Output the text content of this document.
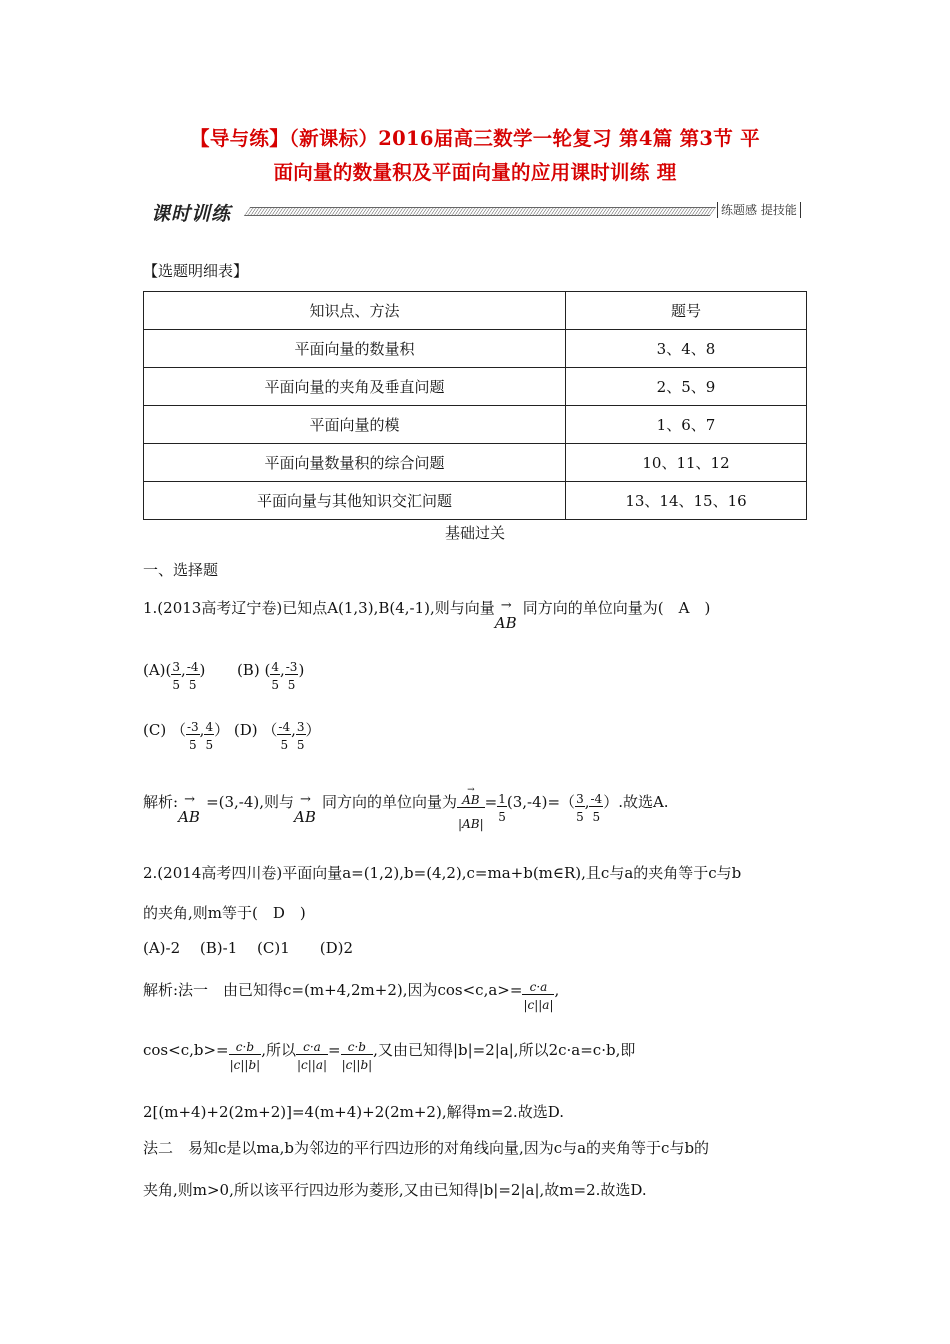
【导与练】（新课标）2016届高三数学一轮复习 第4篇 第3节 平
面向量的数量积及平面向量的应用课时训练 理
课时训练	练题感 提技能
【选题明细表】
知识点、方法	题号
平面向量的数量积	3、4、8
平面向量的夹角及垂直问题	2、5、9
平面向量的模	1、6、7
平面向量数量积的综合问题	10、11、12
平面向量与其他知识交汇问题	13、14、15、16
基础过关
一、选择题
1.(2013高考辽宁卷)已知点A(1,3),B(4,-1),则与向量 →
AB
同方向的单位向量为(　A　)
$(A)( \frac{3}{5}$ , $\frac{-4}{5}$ ) (B) ( $\frac{4}{5}$ , $\frac{-3}{5}$ )
(C) （ $\frac{-3}{5}$ , $\frac{4}{5}$ ） (D) （ $\frac{-4}{5}$ , $\frac{3}{5}$ ）
解析: →
AB
=(3,-4),则与 →
AB
同方向的单位向量为
→
AB
|AB|
= $\frac{1}{5} (3,-4)=( \frac{3}{5}$ , $\frac{-4}{5}$ ）.故选A.
2.(2014高考四川卷)平面向量a=(1,2),b=(4,2),c=ma+b(m∈R),且c与a的夹角等于c与b
的夹角,则m等于(　D　)
(A)-2　 (B)-1　 (C)1　　(D)2
解析:法一　由已知得c=(m+4,2m+2),因为$\cos<c,a>= \frac{c\cdot a}{|c||a|}$ ,
$\cos<c,b>= \frac{c\cdot b}{|c||b|}$ ,所以 $\frac{c\cdot a}{|c||a|} = \frac{c\cdot b}{|c||b|}$ ,又由已知得|b|=2|a|,所以2c·a=c·b,即
2[(m+4)+2(2m+2)]=4(m+4)+2(2m+2),解得m=2.故选D.
法二　易知c是以ma,b为邻边的平行四边形的对角线向量,因为c与a的夹角等于c与b的
夹角,则m>0,所以该平行四边形为菱形,又由已知得|b|=2|a|,故m=2.故选D.
